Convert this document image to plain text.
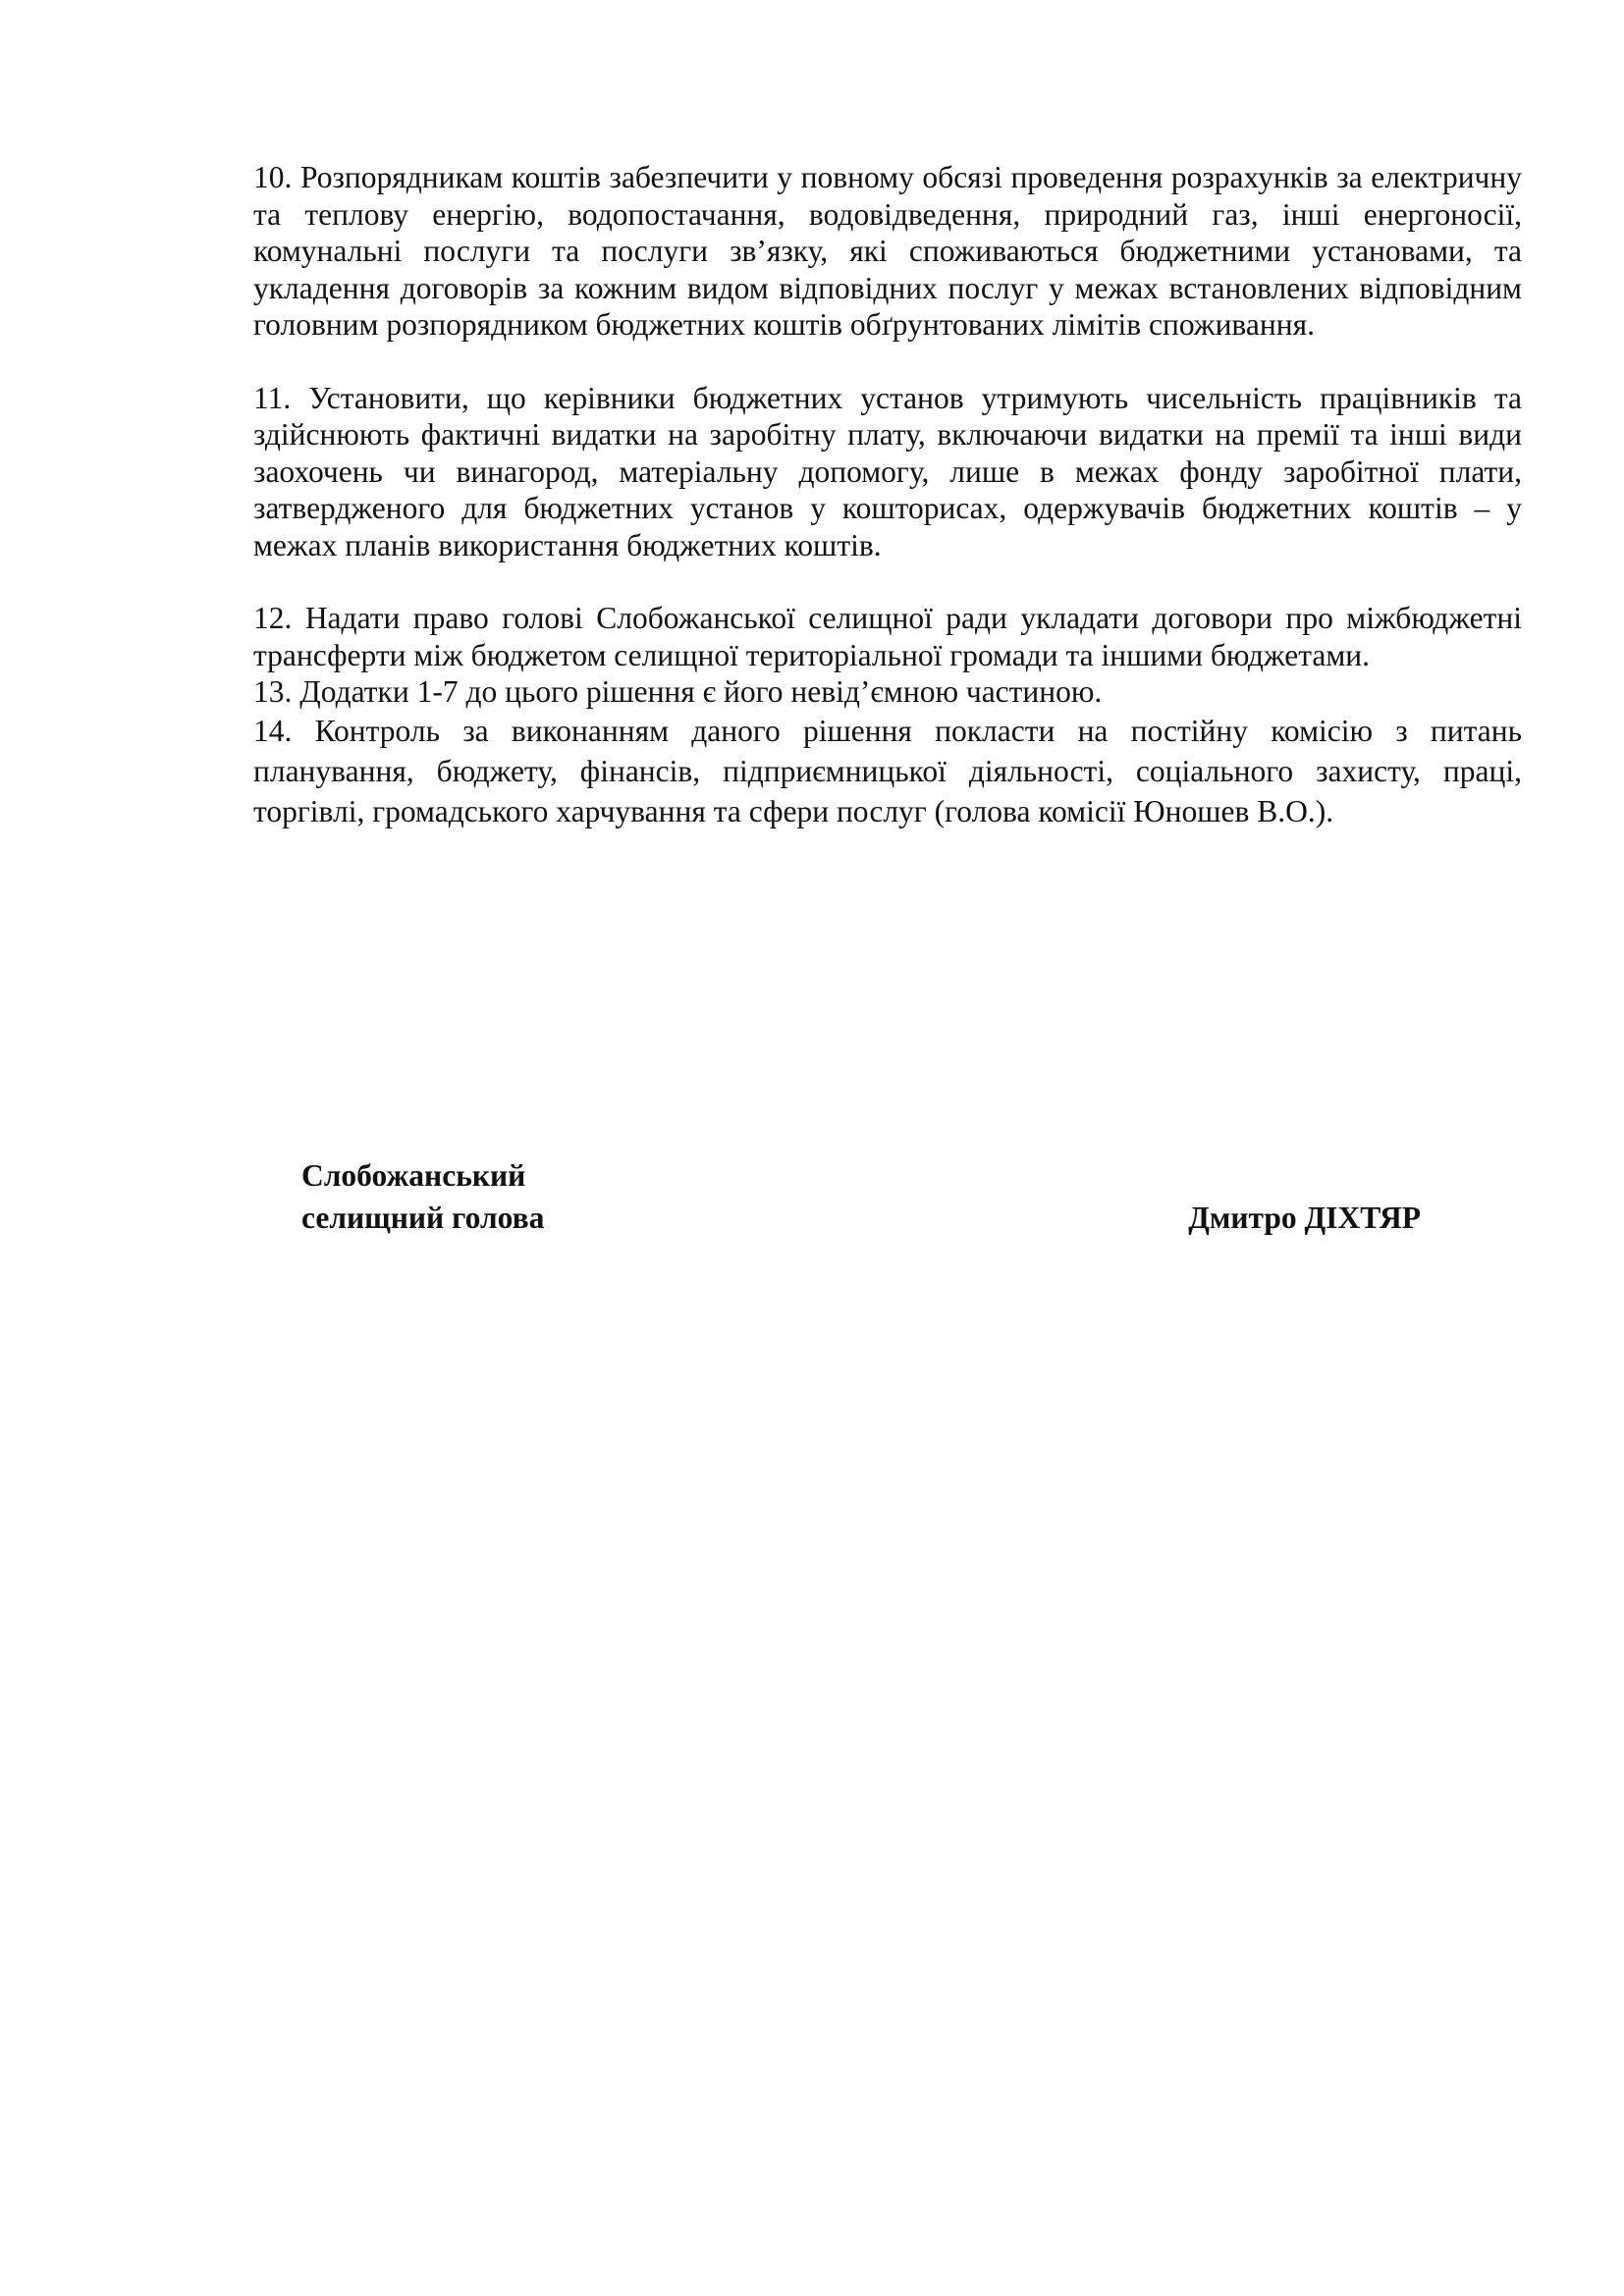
10. Розпорядникам коштів забезпечити у повному обсязі проведення розрахунків за електричну та теплову енергію, водопостачання, водовідведення, природний газ, інші енергоносії, комунальні послуги та послуги зв’язку, які споживаються бюджетними установами, та укладення договорів за кожним видом відповідних послуг у межах встановлених відповідним головним розпорядником бюджетних коштів обґрунтованих лімітів споживання.

11. Установити, що керівники бюджетних установ утримують чисельність працівників та здійснюють фактичні видатки на заробітну плату, включаючи видатки на премії та інші види заохочень чи винагород, матеріальну допомогу, лише в межах фонду заробітної плати, затвердженого для бюджетних установ у кошторисах, одержувачів бюджетних коштів – у межах планів використання бюджетних коштів.

12. Надати право голові Слобожанської селищної ради укладати договори про міжбюджетні трансферти між бюджетом селищної територіальної громади та іншими бюджетами.

13. Додатки 1-7 до цього рішення є його невід’ємною частиною.

14. Контроль за виконанням даного рішення покласти на постійну комісію з питань планування, бюджету, фінансів, підприємницької діяльності, соціального захисту, праці, торгівлі, громадського харчування та сфери послуг (голова комісії Юношев В.О.).

Слобожанський

селищний голова	Дмитро ДІХТЯР
